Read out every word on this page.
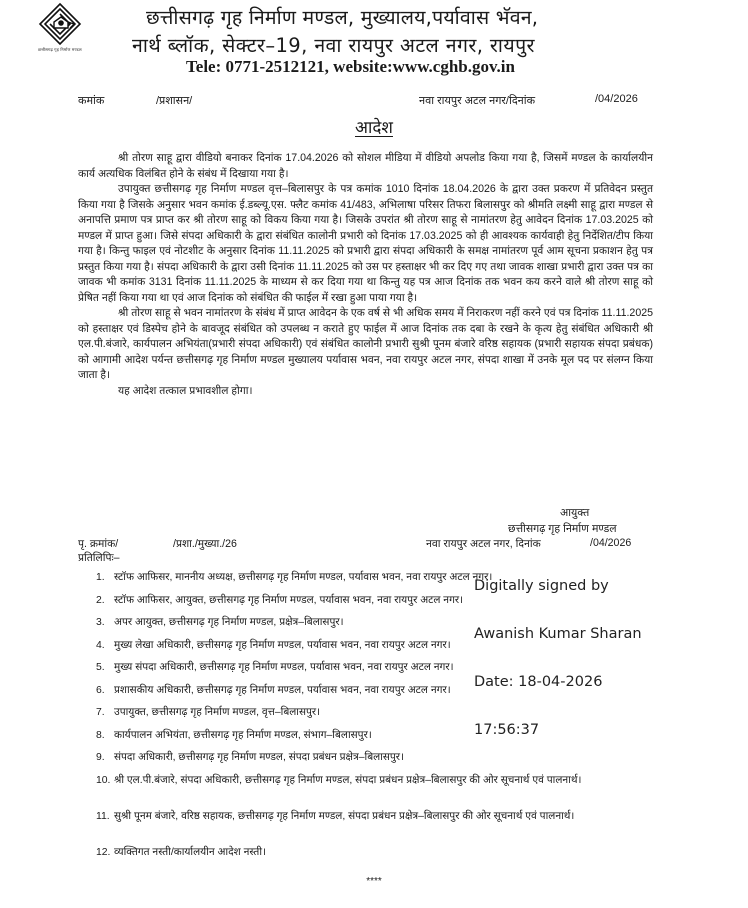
छत्तीसगढ़ गृह निर्माण मण्डल
छत्तीसगढ़ गृह निर्माण मण्डल, मुख्यालय,पर्यावास भॅवन,
नार्थ ब्लॉक, सेक्टर–19, नवा रायपुर अटल नगर, रायपुर
Tele: 0771-2512121, website:www.cghb.gov.in
कमांक	/प्रशासन/	नवा रायपुर अटल नगर/दिनांक	/04/2026
आदेश

श्री तोरण साहू द्वारा वीडियो बनाकर दिनांक 17.04.2026 को सोशल मीडिया में वीडियो अपलोड किया गया है, जिसमें मण्डल के कार्यालयीन कार्य अत्यधिक विलंबित होने के संबंध में दिखाया गया है।

उपायुक्त छत्तीसगढ़ गृह निर्माण मण्डल वृत्त–बिलासपुर के पत्र कमांक 1010 दिनांक 18.04.2026 के द्वारा उक्त प्रकरण में प्रतिवेदन प्रस्तुत किया गया है जिसके अनुसार भवन कमांक ई.डब्ल्यू.एस. फ्लैट कमांक 41/483, अभिलाषा परिसर तिफरा बिलासपुर को श्रीमति लक्ष्मी साहू द्वारा मण्डल से अनापत्ति प्रमाण पत्र प्राप्त कर श्री तोरण साहू को विकय किया गया है। जिसके उपरांत श्री तोरण साहू से नामांतरण हेतु आवेदन दिनांक 17.03.2025 को मण्डल में प्राप्त हुआ। जिसे संपदा अधिकारी के द्वारा संबंधित कालोनी प्रभारी को दिनांक 17.03.2025 को ही आवश्यक कार्यवाही हेतु निर्देशित/टीप किया गया है। किन्तु फाइल एवं नोटशीट के अनुसार दिनांक 11.11.2025 को प्रभारी द्वारा संपदा अधिकारी के समक्ष नामांतरण पूर्व आम सूचना प्रकाशन हेतु पत्र प्रस्तुत किया गया है। संपदा अधिकारी के द्वारा उसी दिनांक 11.11.2025 को उस पर हस्ताक्षर भी कर दिए गए तथा जावक शाखा प्रभारी द्वारा उक्त पत्र का जावक भी कमांक 3131 दिनांक 11.11.2025 के माध्यम से कर दिया गया था किन्तु यह पत्र आज दिनांक तक भवन कय करने वाले श्री तोरण साहू को प्रेषित नहीं किया गया था एवं आज दिनांक को संबंधित की फाईल में रखा हुआ पाया गया है।

श्री तोरण साहू से भवन नामांतरण के संबंध में प्राप्त आवेदन के एक वर्ष से भी अधिक समय में निराकरण नहीं करने एवं पत्र दिनांक 11.11.2025 को हस्ताक्षर एवं डिस्पेच होने के बावजूद संबंधित को उपलब्ध न कराते हुए फाईल में आज दिनांक तक दबा के रखने के कृत्य हेतु संबंधित अधिकारी श्री एल.पी.बंजारे, कार्यपालन अभियंता(प्रभारी संपदा अधिकारी) एवं संबंधित कालोनी प्रभारी सुश्री पूनम बंजारे वरिष्ठ सहायक (प्रभारी सहायक संपदा प्रबंधक) को आगामी आदेश पर्यन्त छत्तीसगढ़ गृह निर्माण मण्डल मुख्यालय पर्यावास भवन, नवा रायपुर अटल नगर, संपदा शाखा में उनके मूल पद पर संलग्न किया जाता है।

यह आदेश तत्काल प्रभावशील होगा।

आयुक्त
छत्तीसगढ़ गृह निर्माण मण्डल
पृ. क्रमांक/	/प्रशा./मुख्या./26	नवा रायपुर अटल नगर, दिनांक	/04/2026
प्रतिलिपिः–
1. स्टॉफ आफिसर, माननीय अध्यक्ष, छत्तीसगढ़ गृह निर्माण मण्डल, पर्यावास भवन, नवा रायपुर अटल नगर।
2. स्टॉफ आफिसर, आयुक्त, छत्तीसगढ़ गृह निर्माण मण्डल, पर्यावास भवन, नवा रायपुर अटल नगर।
3. अपर आयुक्त, छत्तीसगढ़ गृह निर्माण मण्डल, प्रक्षेत्र–बिलासपुर।
4. मुख्य लेखा अधिकारी, छत्तीसगढ़ गृह निर्माण मण्डल, पर्यावास भवन, नवा रायपुर अटल नगर।
5. मुख्य संपदा अधिकारी, छत्तीसगढ़ गृह निर्माण मण्डल, पर्यावास भवन, नवा रायपुर अटल नगर।
6. प्रशासकीय अधिकारी, छत्तीसगढ़ गृह निर्माण मण्डल, पर्यावास भवन, नवा रायपुर अटल नगर।
7. उपायुक्त, छत्तीसगढ़ गृह निर्माण मण्डल, वृत्त–बिलासपुर।
8. कार्यपालन अभियंता, छत्तीसगढ़ गृह निर्माण मण्डल, संभाग–बिलासपुर।
9. संपदा अधिकारी, छत्तीसगढ़ गृह निर्माण मण्डल, संपदा प्रबंधन प्रक्षेत्र–बिलासपुर।
10. श्री एल.पी.बंजारे, संपदा अधिकारी, छत्तीसगढ़ गृह निर्माण मण्डल, संपदा प्रबंधन प्रक्षेत्र–बिलासपुर की ओर सूचनार्थ एवं पालनार्थ।
11. सुश्री पूनम बंजारे, वरिष्ठ सहायक, छत्तीसगढ़ गृह निर्माण मण्डल, संपदा प्रबंधन प्रक्षेत्र–बिलासपुर की ओर सूचनार्थ एवं पालनार्थ।
12. व्यक्तिगत नस्ती/कार्यालयीन आदेश नस्ती।

Digitally signed by

Awanish Kumar Sharan

Date: 18-04-2026

17:56:37

****
